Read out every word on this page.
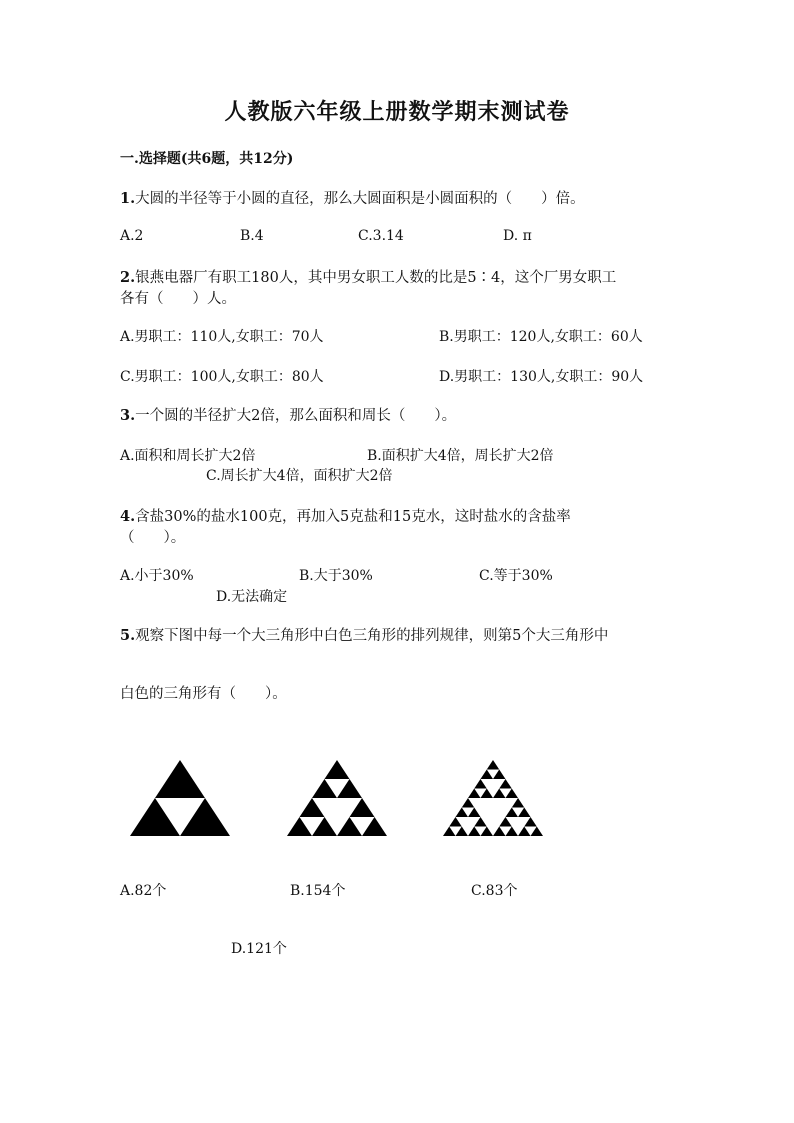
人教版六年级上册数学期末测试卷
一.选择题(共6题，共12分)
1.大圆的半径等于小圆的直径，那么大圆面积是小圆面积的（　　）倍。
A.2	B.4	C.3.14	D. π
2.银燕电器厂有职工180人，其中男女职工人数的比是5∶4，这个厂男女职工
各有（　　）人。
A.男职工：110人,女职工：70人	B.男职工：120人,女职工：60人
C.男职工：100人,女职工：80人	D.男职工：130人,女职工：90人
3.一个圆的半径扩大2倍，那么面积和周长（　　）。
A.面积和周长扩大2倍	B.面积扩大4倍，周长扩大2倍
C.周长扩大4倍，面积扩大2倍
4.含盐30%的盐水100克，再加入5克盐和15克水，这时盐水的含盐率
（　　）。
A.小于30%	B.大于30%	C.等于30%
D.无法确定
5.观察下图中每一个大三角形中白色三角形的排列规律，则第5个大三角形中
白色的三角形有（　　）。
A.82个	B.154个	C.83个
D.121个
